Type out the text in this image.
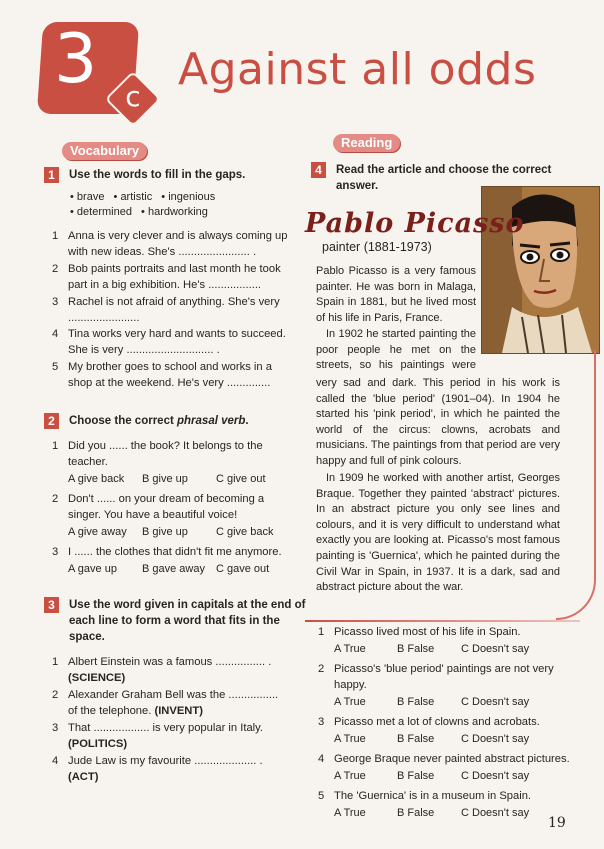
3 c
Against all odds
Vocabulary
1	Use the words to fill in the gaps.
• brave • artistic • ingenious
• determined • hardworking
1 Anna is very clever and is always coming up
with new ideas. She's ....................... .
2 Bob paints portraits and last month he took
part in a big exhibition. He's .................
3 Rachel is not afraid of anything. She's very
.......................
4 Tina works very hard and wants to succeed.
She is very ............................ .
5 My brother goes to school and works in a
shop at the weekend. He's very ..............
2	Choose the correct phrasal verb.
1 Did you ...... the book? It belongs to the
teacher.
A give back B give up	C give out
2 Don't ...... on your dream of becoming a
singer. You have a beautiful voice!
A give away B give up	C give back
3 I ...... the clothes that didn't fit me anymore.
A gave up B gave away C gave out
3	Use the word given in capitals at the end of
each line to form a word that fits in the
space.
1 Albert Einstein was a famous ................ .
(SCIENCE)
2 Alexander Graham Bell was the ................
of the telephone. (INVENT)
3 That .................. is very popular in Italy.
(POLITICS)
4 Jude Law is my favourite .................... .
(ACT)
Reading
4	Read the article and choose the correct
answer.
Pablo Picasso
painter (1881-1973)

Pablo Picasso is a very famous painter. He was born in Malaga, Spain in 1881, but he lived most of his life in Paris, France.

In 1902 he started painting the poor people he met on the streets, so his paintings were

very sad and dark. This period in his work is called the 'blue period' (1901–04). In 1904 he started his 'pink period', in which he painted the world of the circus: clowns, acrobats and musicians. The paintings from that period are very happy and full of pink colours.

In 1909 he worked with another artist, Georges Braque. Together they painted 'abstract' pictures. In an abstract picture you only see lines and colours, and it is very difficult to understand what exactly you are looking at. Picasso's most famous painting is 'Guernica', which he painted during the Civil War in Spain, in 1937. It is a dark, sad and abstract picture about the war.

1 Picasso lived most of his life in Spain.
A True	B False C Doesn't say
2 Picasso's 'blue period' paintings are not very
happy.
A True	B False C Doesn't say
3 Picasso met a lot of clowns and acrobats.
A True	B False C Doesn't say
4 George Braque never painted abstract pictures.
A True	B False C Doesn't say
5 The 'Guernica' is in a museum in Spain.
A True	B False C Doesn't say
19
